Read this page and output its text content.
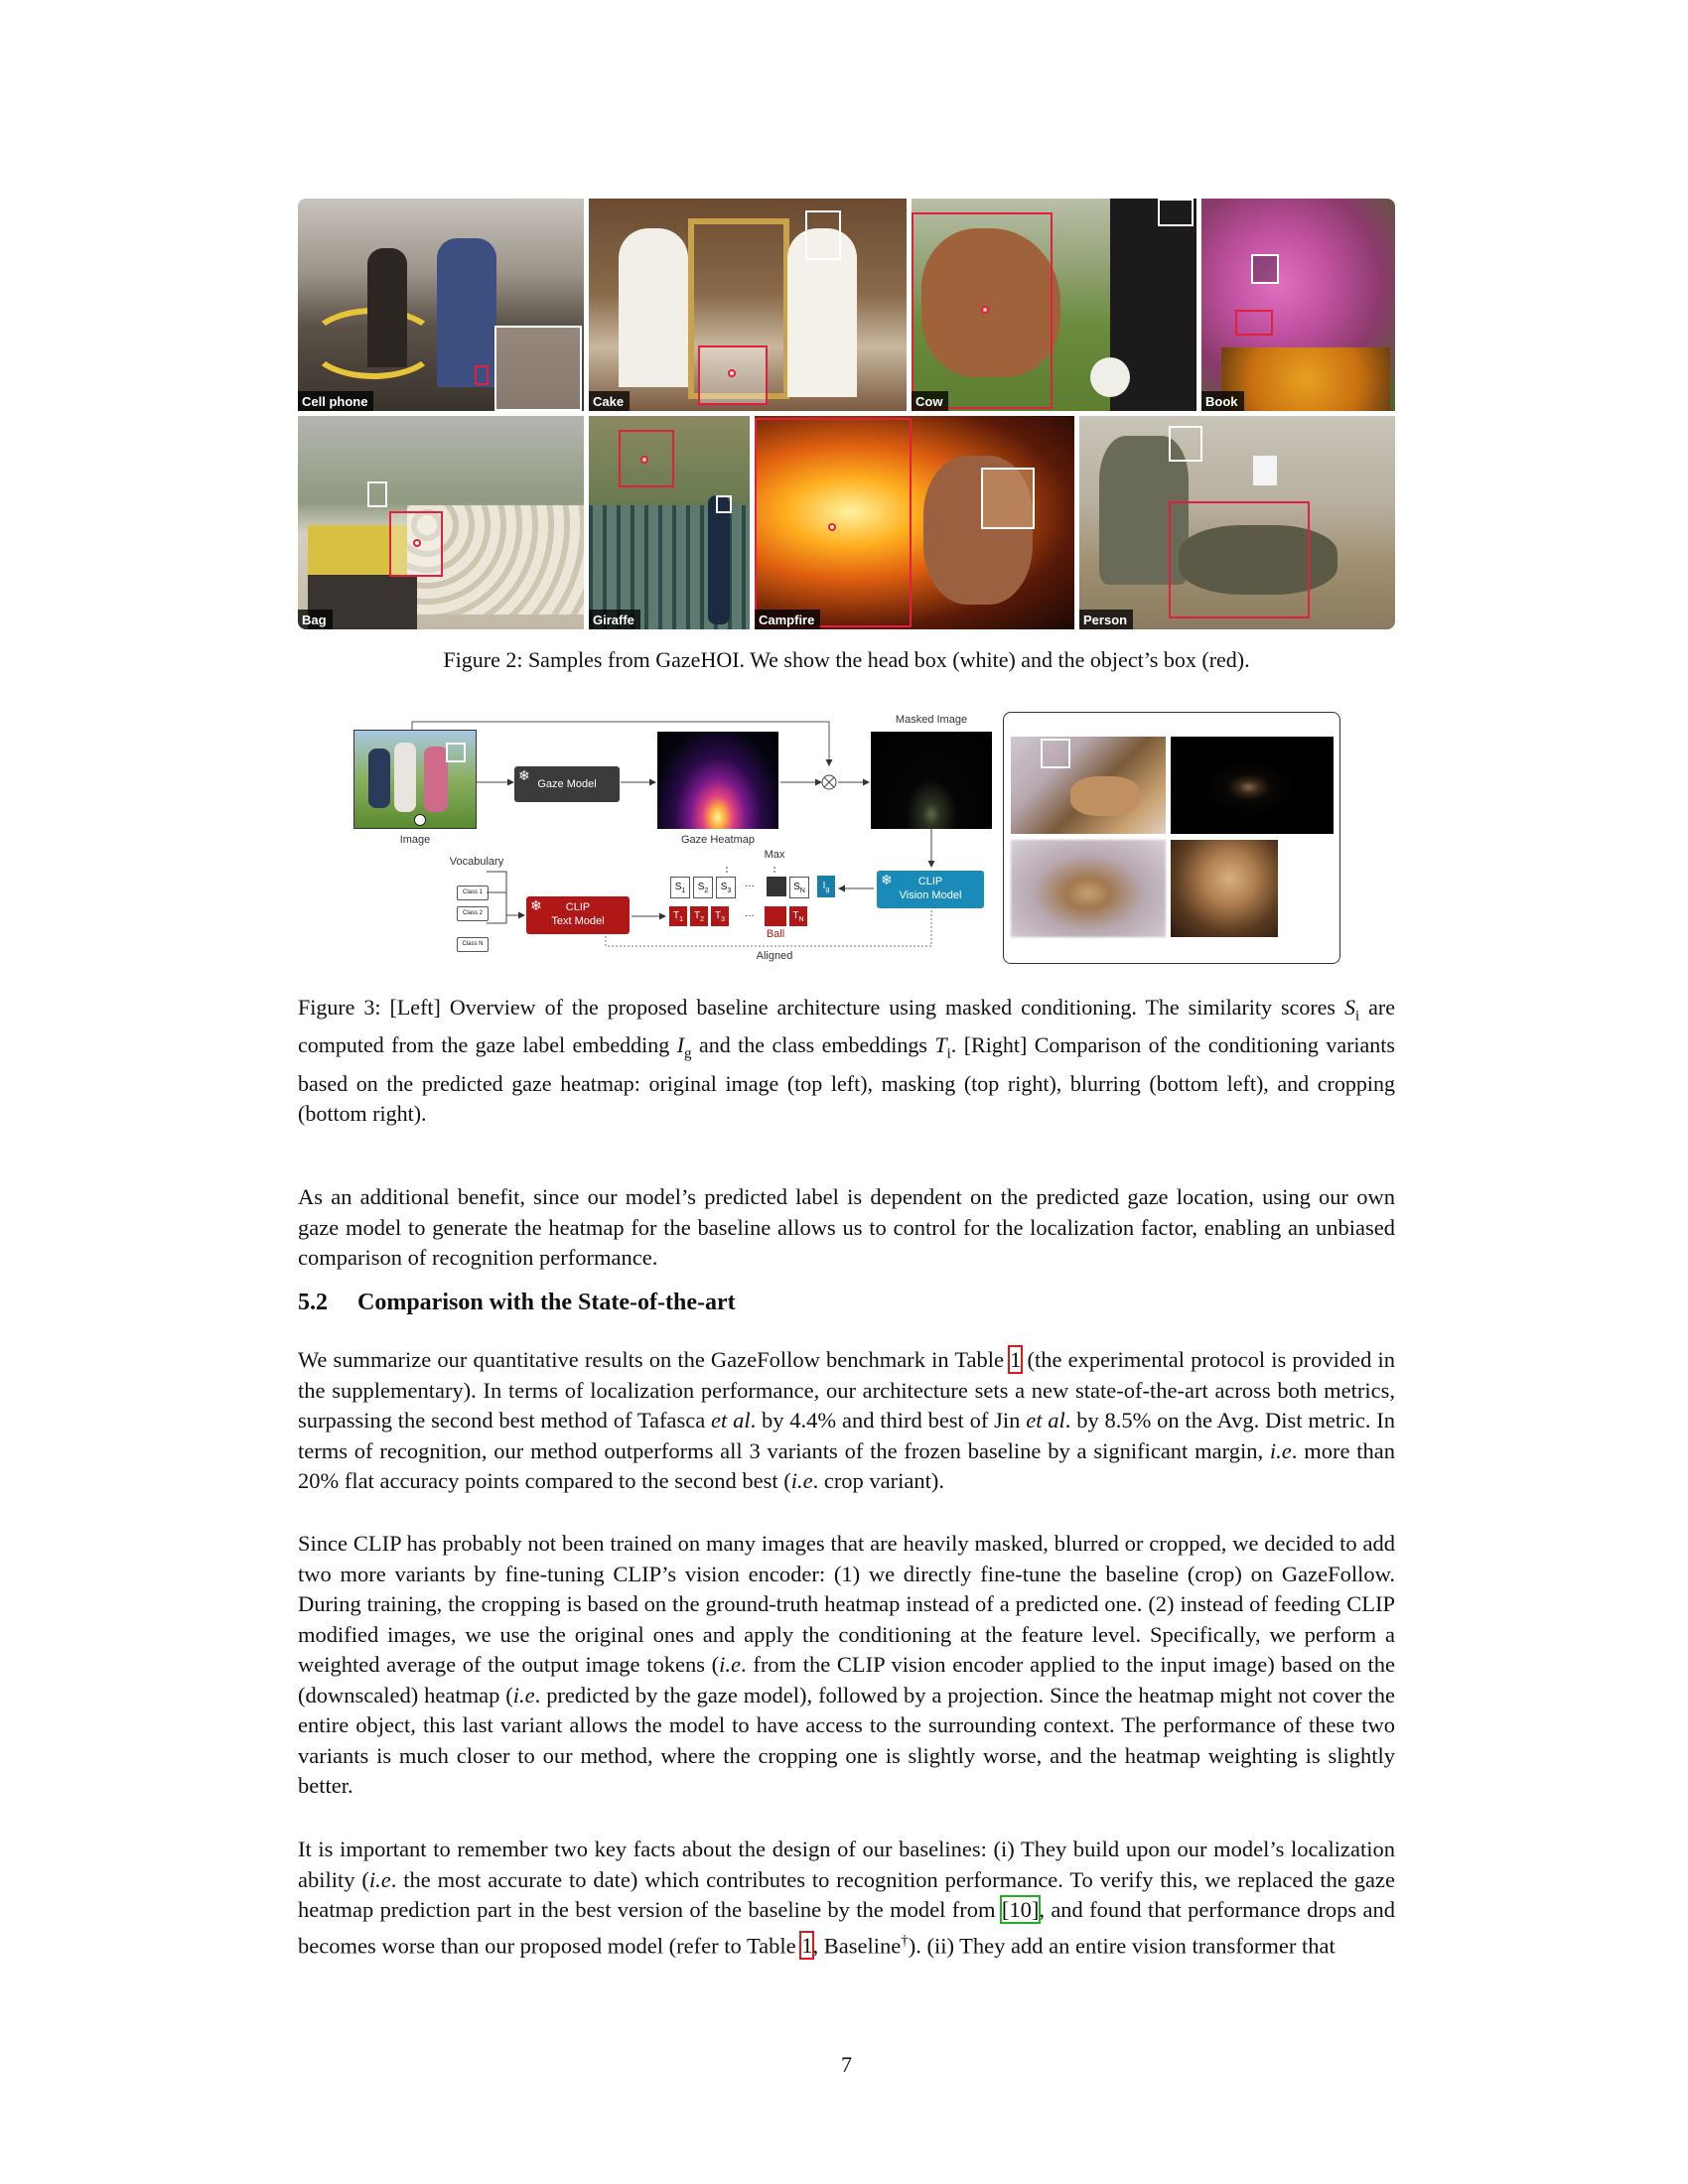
Cell phone	Cake	Cow	Book
Bag	Giraffe	Campfire	Person
Figure 2: Samples from GazeHOI. We show the head box (white) and the object’s box (red).
Image
❄
Gaze Model
Gaze Heatmap
Masked Image
Max
$S_1$	$S_2$	$S_3$
…	$S_N$	$I_g$
❄	CLIP
Vision Model
Vocabulary
Class 1
Class 2
Class N
❄	CLIP
Text Model	$T_1$	$T_2$	$T_3$
…	$T_N$
Ball
Aligned
Figure 3: [Left] Overview of the proposed baseline architecture using masked conditioning. The similarity scores $S_i$ are computed from the gaze label embedding $I_g$ and the class embeddings $T_i$. [Right] Comparison of the conditioning variants based on the predicted gaze heatmap: original image (top left), masking (top right), blurring (bottom left), and cropping (bottom right).
As an additional benefit, since our model’s predicted label is dependent on the predicted gaze location, using our own gaze model to generate the heatmap for the baseline allows us to control for the localization factor, enabling an unbiased comparison of recognition performance.
5.2 Comparison with the State-of-the-art
We summarize our quantitative results on the GazeFollow benchmark in Table 1 (the experimental protocol is provided in the supplementary). In terms of localization performance, our architecture sets a new state-of-the-art across both metrics, surpassing the second best method of Tafasca et al. by 4.4% and third best of Jin et al. by 8.5% on the Avg. Dist metric. In terms of recognition, our method outperforms all 3 variants of the frozen baseline by a significant margin, i.e. more than 20% flat accuracy points compared to the second best (i.e. crop variant).
Since CLIP has probably not been trained on many images that are heavily masked, blurred or cropped, we decided to add two more variants by fine-tuning CLIP’s vision encoder: (1) we directly fine-tune the baseline (crop) on GazeFollow. During training, the cropping is based on the ground-truth heatmap instead of a predicted one. (2) instead of feeding CLIP modified images, we use the original ones and apply the conditioning at the feature level. Specifically, we perform a weighted average of the output image tokens (i.e. from the CLIP vision encoder applied to the input image) based on the (downscaled) heatmap (i.e. predicted by the gaze model), followed by a projection. Since the heatmap might not cover the entire object, this last variant allows the model to have access to the surrounding context. The performance of these two variants is much closer to our method, where the cropping one is slightly worse, and the heatmap weighting is slightly better.
It is important to remember two key facts about the design of our baselines: (i) They build upon our model’s localization ability (i.e. the most accurate to date) which contributes to recognition performance. To verify this, we replaced the gaze heatmap prediction part in the best version of the baseline by the model from [10], and found that performance drops and becomes worse than our proposed model (refer to Table 1, Baseline†). (ii) They add an entire vision transformer that
7
